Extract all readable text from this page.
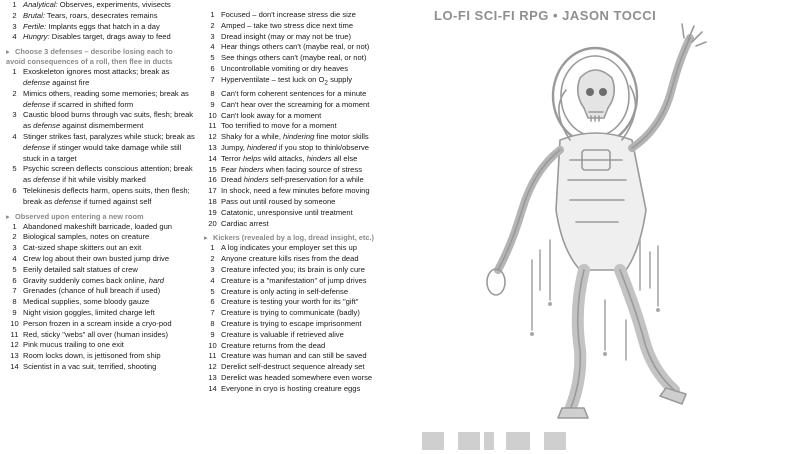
1 Analytical: Observes, experiments, vivisects
2 Brutal: Tears, roars, desecrates remains
3 Fertile: Implants eggs that hatch in a day
4 Hungry: Disables target, drags away to feed
▸ Choose 3 defenses – describe losing each to
avoid consequences of a roll, then flee in ducts
1 Exoskeleton ignores most attacks; break as defense against fire
2 Mimics others, reading some memories; break as defense if scarred in shifted form
3 Caustic blood burns through vac suits, flesh; break as defense against dismemberment
4 Stinger strikes fast, paralyzes while stuck; break as defense if stinger would take damage while still stuck in a target
5 Psychic screen deflects conscious attention; break as defense if hit while visibly marked
6 Telekinesis deflects harm, opens suits, then flesh; break as defense if turned against self
▸ Observed upon entering a new room
1 Abandoned makeshift barricade, loaded gun
2 Biological samples, notes on creature
3 Cat-sized shape skitters out an exit
4 Crew log about their own busted jump drive
5 Eerily detailed salt statues of crew
6 Gravity suddenly comes back online, hard
7 Grenades (chance of hull breach if used)
8 Medical supplies, some bloody gauze
9 Night vision goggles, limited charge left
10 Person frozen in a scream inside a cryo-pod
11 Red, sticky "webs" all over (human insides)
12 Pink mucus trailing to one exit
13 Room locks down, is jettisoned from ship
14 Scientist in a vac suit, terrified, shooting
1 Focused – don't increase stress die size
2 Amped – take two stress dice next time
3 Dread insight (may or may not be true)
4 Hear things others can't (maybe real, or not)
5 See things others can't (maybe real, or not)
6 Uncontrollable vomiting or dry heaves
7 Hyperventilate – test luck on $O_2$ supply
8 Can't form coherent sentences for a minute
9 Can't hear over the screaming for a moment
10 Can't look away for a moment
11 Too terrified to move for a moment
12 Shaky for a while, hindering fine motor skills
13 Jumpy, hindered if you stop to think/observe
14 Terror helps wild attacks, hinders all else
15 Fear hinders when facing source of stress
16 Dread hinders self-preservation for a while
17 In shock, need a few minutes before moving
18 Pass out until roused by someone
19 Catatonic, unresponsive until treatment
20 Cardiac arrest
▸ Kickers (revealed by a log, dread insight, etc.)
1 A log indicates your employer set this up
2 Anyone creature kills rises from the dead
3 Creature infected you; its brain is only cure
4 Creature is a "manifestation" of jump drives
5 Creature is only acting in self-defense
6 Creature is testing your worth for its "gift"
7 Creature is trying to communicate (badly)
8 Creature is trying to escape imprisonment
9 Creature is valuable if retrieved alive
10 Creature returns from the dead
11 Creature was human and can still be saved
12 Derelict self-destruct sequence already set
13 Derelict was headed somewhere even worse
14 Everyone in cryo is hosting creature eggs
LO-FI SCI-FI RPG • JASON TOCCI
